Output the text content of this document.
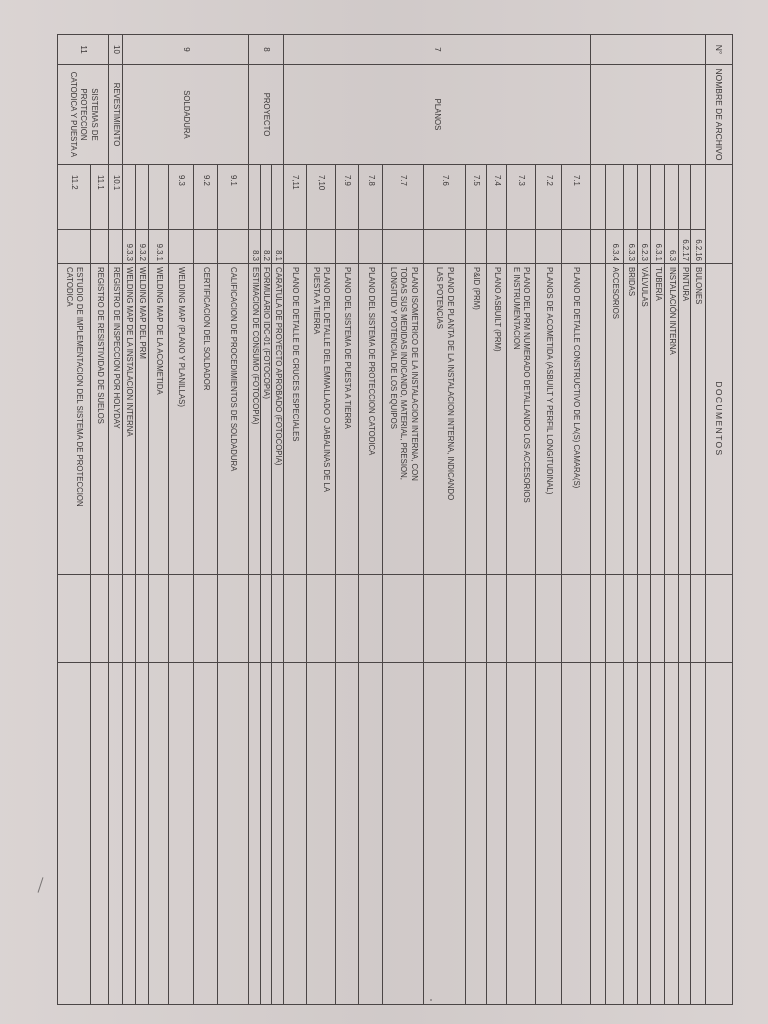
N°
NOMBRE DE ARCHIVO
DOCUMENTOS
6.2.16
BULONES
6.2.17
PINTURA
6.3
INSTALACIÓN INTERNA
6.3.1
TUBERÍA
6.2.3
VÁLVULAS
6.3.3
BRIDAS
6.3.4
ACCESORIOS
7.1
PLANO DE DETALLE CONSTRUCTIVO DE LA(S) CAMARA(S)
7.2
PLANOS DE ACOMETIDA (ASBUILT Y PERFIL LONGITUDINAL)
7.3
PLANO DEL PRM NUMERADO DETALLANDO LOS ACCESORIOS
E INSTRUMENTACION
7.4
PLANO ASBUILT (PRM)
7.5
P&ID (PRM)
7.6
PLANO DE PLANTA DE LA INSTALACION INTERNA, INDICANDO
LAS POTENCIAS
7.7
PLANO ISOMETRICO DE LA INSTALACION INTERNA, CON
TODAS SUS MEDIDAS INDICANDO, MATERIAL, PRESION,
LONGITUD Y POTENCIAL DE LOS EQUIPOS
7.8
PLANO DEL SISTEMA DE PROTECCION CATODICA
7.9
PLANO DEL SISTEMA DE PUESTA A TIERRA
7,10
PLANO DEL DETALLE DEL EMMALLADO O JABALINAS DE LA
PUESTA A TIERRA
7,11
PLANO DE DETALLE DE CRUCES ESPECIALES
7
PLANOS
8.1
CARATULA DE PROYECTO APROBADO (FOTOCOPIA)
8.2
FORMULARIO IDC-01 (FOTOCOPIA)
8.3
ESTIMACION DE CONSUMO (FOTOCOPIA)
8
PROYECTO
9.1
CALIFICACION DE PROCEDIMIENTOS DE SOLDADURA
9.2
CERTIFICACION DEL SOLDADOR
9.3
WELDING MAP (PLANO Y PLANILLAS)
9.3.1
WELDING MAP DE LA ACOMETIDA
9.3.2
WELDING MAP DEL PRM
9.3.3
WELDING MAP DE LA INSTALACION INTERNA
9
SOLDADURA
10.1
REGISTRO DE INSPECCION POR HOLYDAY
10
REVESTIMIENTO
11.1
REGISTRO DE RESISTIVIDAD DE SUELOS
11.2
ESTUDIO DE IMPLEMENTACION DEL SISTEMA DE PROTECCION
CATODICA
11
SISTEMAS DE
PROTECCION
CATODICA Y PUESTA A
